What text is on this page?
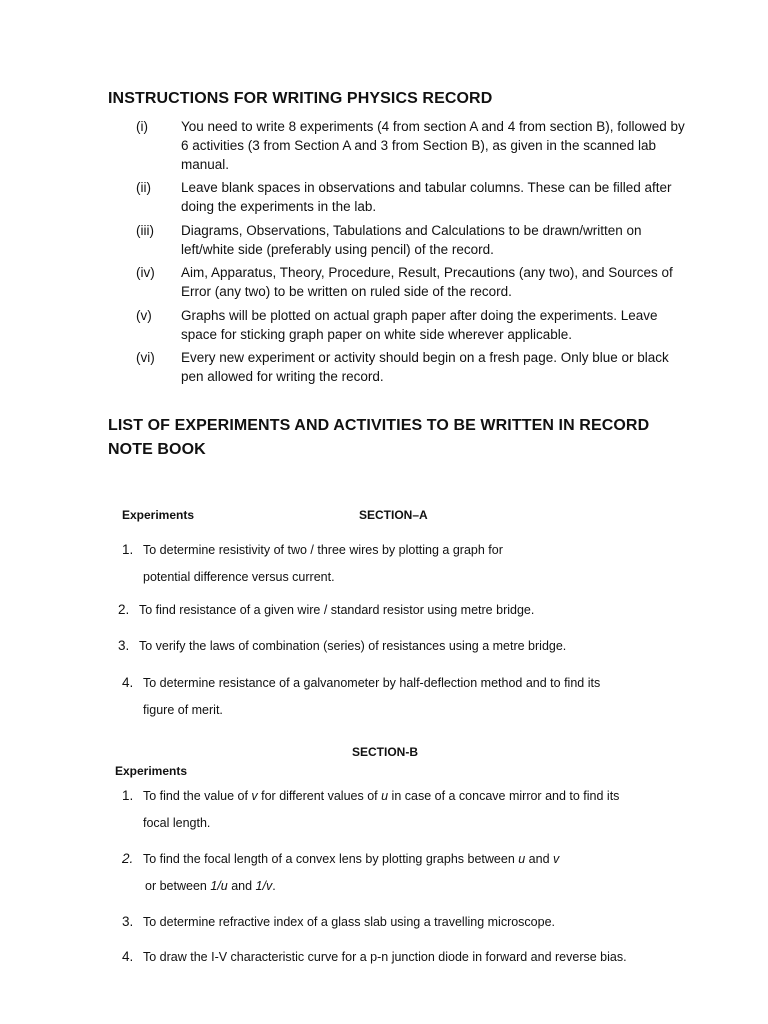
INSTRUCTIONS FOR WRITING PHYSICS RECORD
(i) You need to write 8 experiments (4 from section A and 4 from section B), followed by 6 activities (3 from Section A and 3 from Section B), as given in the scanned lab manual.
(ii) Leave blank spaces in observations and tabular columns. These can be filled after doing the experiments in the lab.
(iii) Diagrams, Observations, Tabulations and Calculations to be drawn/written on left/white side (preferably using pencil) of the record.
(iv) Aim, Apparatus, Theory, Procedure, Result, Precautions (any two), and Sources of Error (any two) to be written on ruled side of the record.
(v) Graphs will be plotted on actual graph paper after doing the experiments. Leave space for sticking graph paper on white side wherever applicable.
(vi) Every new experiment or activity should begin on a fresh page. Only blue or black pen allowed for writing the record.
LIST OF EXPERIMENTS AND ACTIVITIES TO BE WRITTEN IN RECORD
NOTE BOOK
Experiments	SECTION–A
1. To determine resistivity of two / three wires by plotting a graph for
potential difference versus current.
2. To find resistance of a given wire / standard resistor using metre bridge.
3. To verify the laws of combination (series) of resistances using a metre bridge.
4. To determine resistance of a galvanometer by half-deflection method and to find its
figure of merit.
SECTION-B
Experiments
1. To find the value of v for different values of u in case of a concave mirror and to find its
focal length.
2. To find the focal length of a convex lens by plotting graphs between u and v
or between 1/u and 1/v.
3. To determine refractive index of a glass slab using a travelling microscope.
4. To draw the I-V characteristic curve for a p-n junction diode in forward and reverse bias.
